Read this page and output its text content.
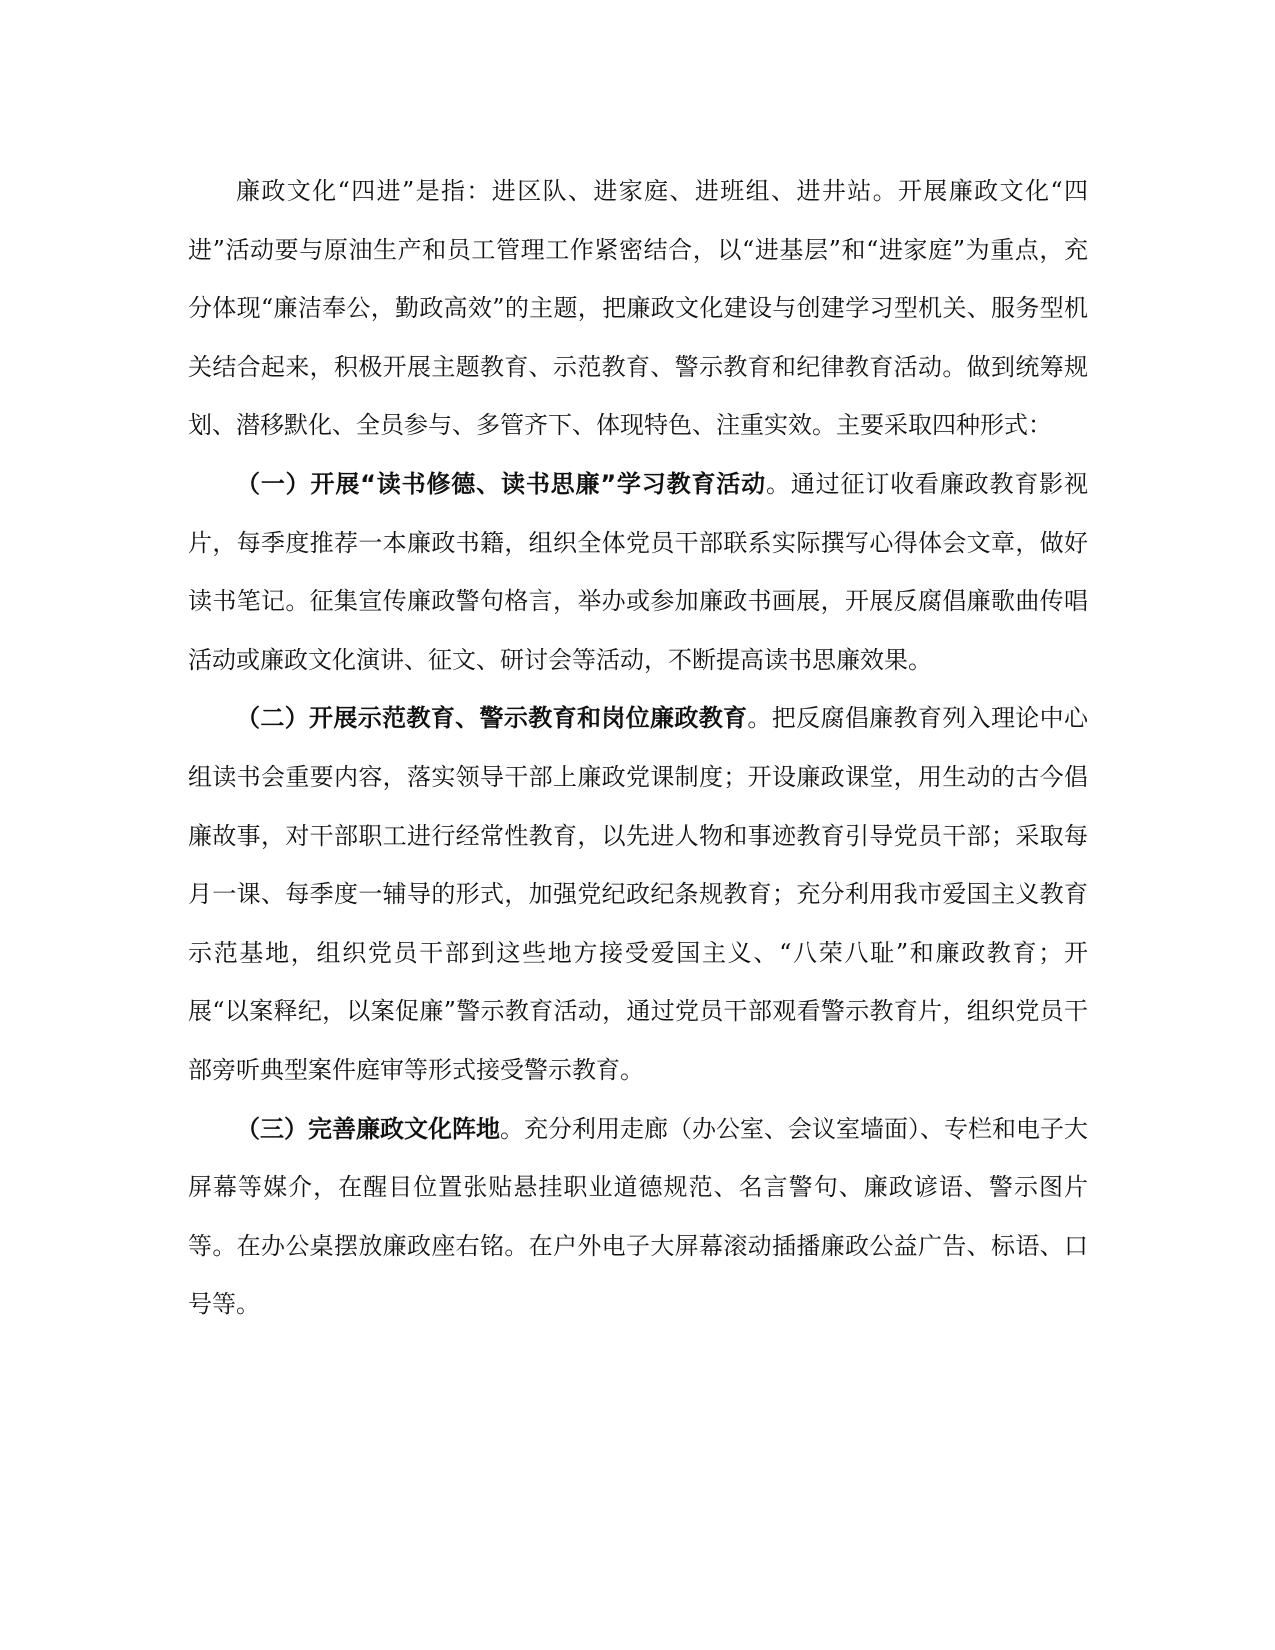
廉政文化“四进”是指：进区队、进家庭、进班组、进井站。开展廉政文化“四进”活动要与原油生产和员工管理工作紧密结合，以“进基层”和“进家庭”为重点，充分体现“廉洁奉公，勤政高效”的主题，把廉政文化建设与创建学习型机关、服务型机关结合起来，积极开展主题教育、示范教育、警示教育和纪律教育活动。做到统筹规划、潜移默化、全员参与、多管齐下、体现特色、注重实效。主要采取四种形式：

（一）开展“读书修德、读书思廉”学习教育活动。通过征订收看廉政教育影视片，每季度推荐一本廉政书籍，组织全体党员干部联系实际撰写心得体会文章，做好读书笔记。征集宣传廉政警句格言，举办或参加廉政书画展，开展反腐倡廉歌曲传唱活动或廉政文化演讲、征文、研讨会等活动，不断提高读书思廉效果。

（二）开展示范教育、警示教育和岗位廉政教育。把反腐倡廉教育列入理论中心组读书会重要内容，落实领导干部上廉政党课制度；开设廉政课堂，用生动的古今倡廉故事，对干部职工进行经常性教育，以先进人物和事迹教育引导党员干部；采取每月一课、每季度一辅导的形式，加强党纪政纪条规教育；充分利用我市爱国主义教育示范基地，组织党员干部到这些地方接受爱国主义、“八荣八耻”和廉政教育；开展“以案释纪，以案促廉”警示教育活动，通过党员干部观看警示教育片，组织党员干部旁听典型案件庭审等形式接受警示教育。

（三）完善廉政文化阵地。充分利用走廊（办公室、会议室墙面）、专栏和电子大屏幕等媒介，在醒目位置张贴悬挂职业道德规范、名言警句、廉政谚语、警示图片等。在办公桌摆放廉政座右铭。在户外电子大屏幕滚动插播廉政公益广告、标语、口号等。
